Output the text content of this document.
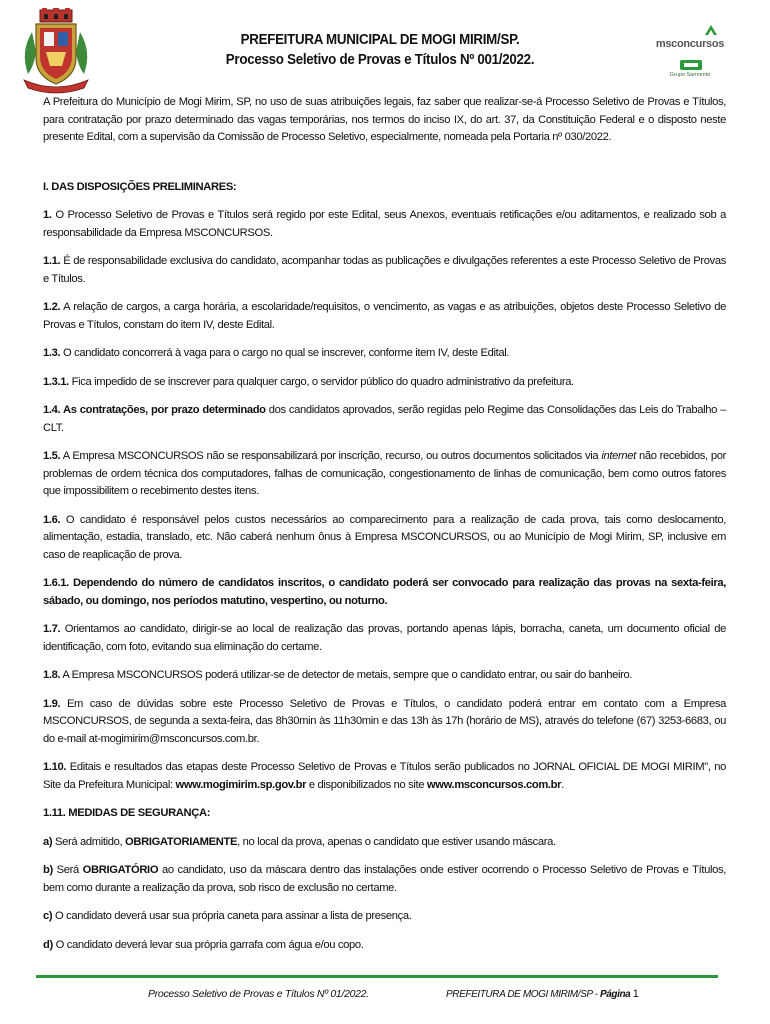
PREFEITURA MUNICIPAL DE MOGI MIRIM/SP.
Processo Seletivo de Provas e Títulos Nº 001/2022.
msconcursos
Grupo Sarmento

A Prefeitura do Município de Mogi Mirim, SP, no uso de suas atribuições legais, faz saber que realizar-se-á Processo Seletivo de Provas e Títulos, para contratação por prazo determinado das vagas temporárias, nos termos do inciso IX, do art. 37, da Constituição Federal e o disposto neste presente Edital, com a supervisão da Comissão de Processo Seletivo, especialmente, nomeada pela Portaria nº 030/2022.

I. DAS DISPOSIÇÕES PRELIMINARES:

1. O Processo Seletivo de Provas e Títulos será regido por este Edital, seus Anexos, eventuais retificações e/ou aditamentos, e realizado sob a responsabilidade da Empresa MSCONCURSOS.

1.1. É de responsabilidade exclusiva do candidato, acompanhar todas as publicações e divulgações referentes a este Processo Seletivo de Provas e Títulos.

1.2. A relação de cargos, a carga horária, a escolaridade/requisitos, o vencimento, as vagas e as atribuições, objetos deste Processo Seletivo de Provas e Títulos, constam do item IV, deste Edital.

1.3. O candidato concorrerá à vaga para o cargo no qual se inscrever, conforme item IV, deste Edital.

1.3.1. Fica impedido de se inscrever para qualquer cargo, o servidor público do quadro administrativo da prefeitura.

1.4. As contratações, por prazo determinado dos candidatos aprovados, serão regidas pelo Regime das Consolidações das Leis do Trabalho – CLT.

1.5. A Empresa MSCONCURSOS não se responsabilizará por inscrição, recurso, ou outros documentos solicitados via internet não recebidos, por problemas de ordem técnica dos computadores, falhas de comunicação, congestionamento de linhas de comunicação, bem como outros fatores que impossibilitem o recebimento destes itens.

1.6. O candidato é responsável pelos custos necessários ao comparecimento para a realização de cada prova, tais como deslocamento, alimentação, estadia, translado, etc. Não caberá nenhum ônus à Empresa MSCONCURSOS, ou ao Município de Mogi Mirim, SP, inclusive em caso de reaplicação de prova.

1.6.1. Dependendo do número de candidatos inscritos, o candidato poderá ser convocado para realização das provas na sexta-feira, sábado, ou domingo, nos períodos matutino, vespertino, ou noturno.

1.7. Orientamos ao candidato, dirigir-se ao local de realização das provas, portando apenas lápis, borracha, caneta, um documento oficial de identificação, com foto, evitando sua eliminação do certame.

1.8. A Empresa MSCONCURSOS poderá utilizar-se de detector de metais, sempre que o candidato entrar, ou sair do banheiro.

1.9. Em caso de dúvidas sobre este Processo Seletivo de Provas e Títulos, o candidato poderá entrar em contato com a Empresa MSCONCURSOS, de segunda a sexta-feira, das 8h30min às 11h30min e das 13h às 17h (horário de MS), através do telefone (67) 3253-6683, ou do e-mail at-mogimirim@msconcursos.com.br.

1.10. Editais e resultados das etapas deste Processo Seletivo de Provas e Títulos serão publicados no JORNAL OFICIAL DE MOGI MIRIM", no Site da Prefeitura Municipal: www.mogimirim.sp.gov.br e disponibilizados no site www.msconcursos.com.br.

1.11. MEDIDAS DE SEGURANÇA:

a) Será admitido, OBRIGATORIAMENTE, no local da prova, apenas o candidato que estiver usando máscara.

b) Será OBRIGATÓRIO ao candidato, uso da máscara dentro das instalações onde estiver ocorrendo o Processo Seletivo de Provas e Títulos, bem como durante a realização da prova, sob risco de exclusão no certame.

c) O candidato deverá usar sua própria caneta para assinar a lista de presença.

d) O candidato deverá levar sua própria garrafa com água e/ou copo.

Processo Seletivo de Provas e Títulos Nº 01/2022.	PREFEITURA DE MOGI MIRIM/SP - Página 1
